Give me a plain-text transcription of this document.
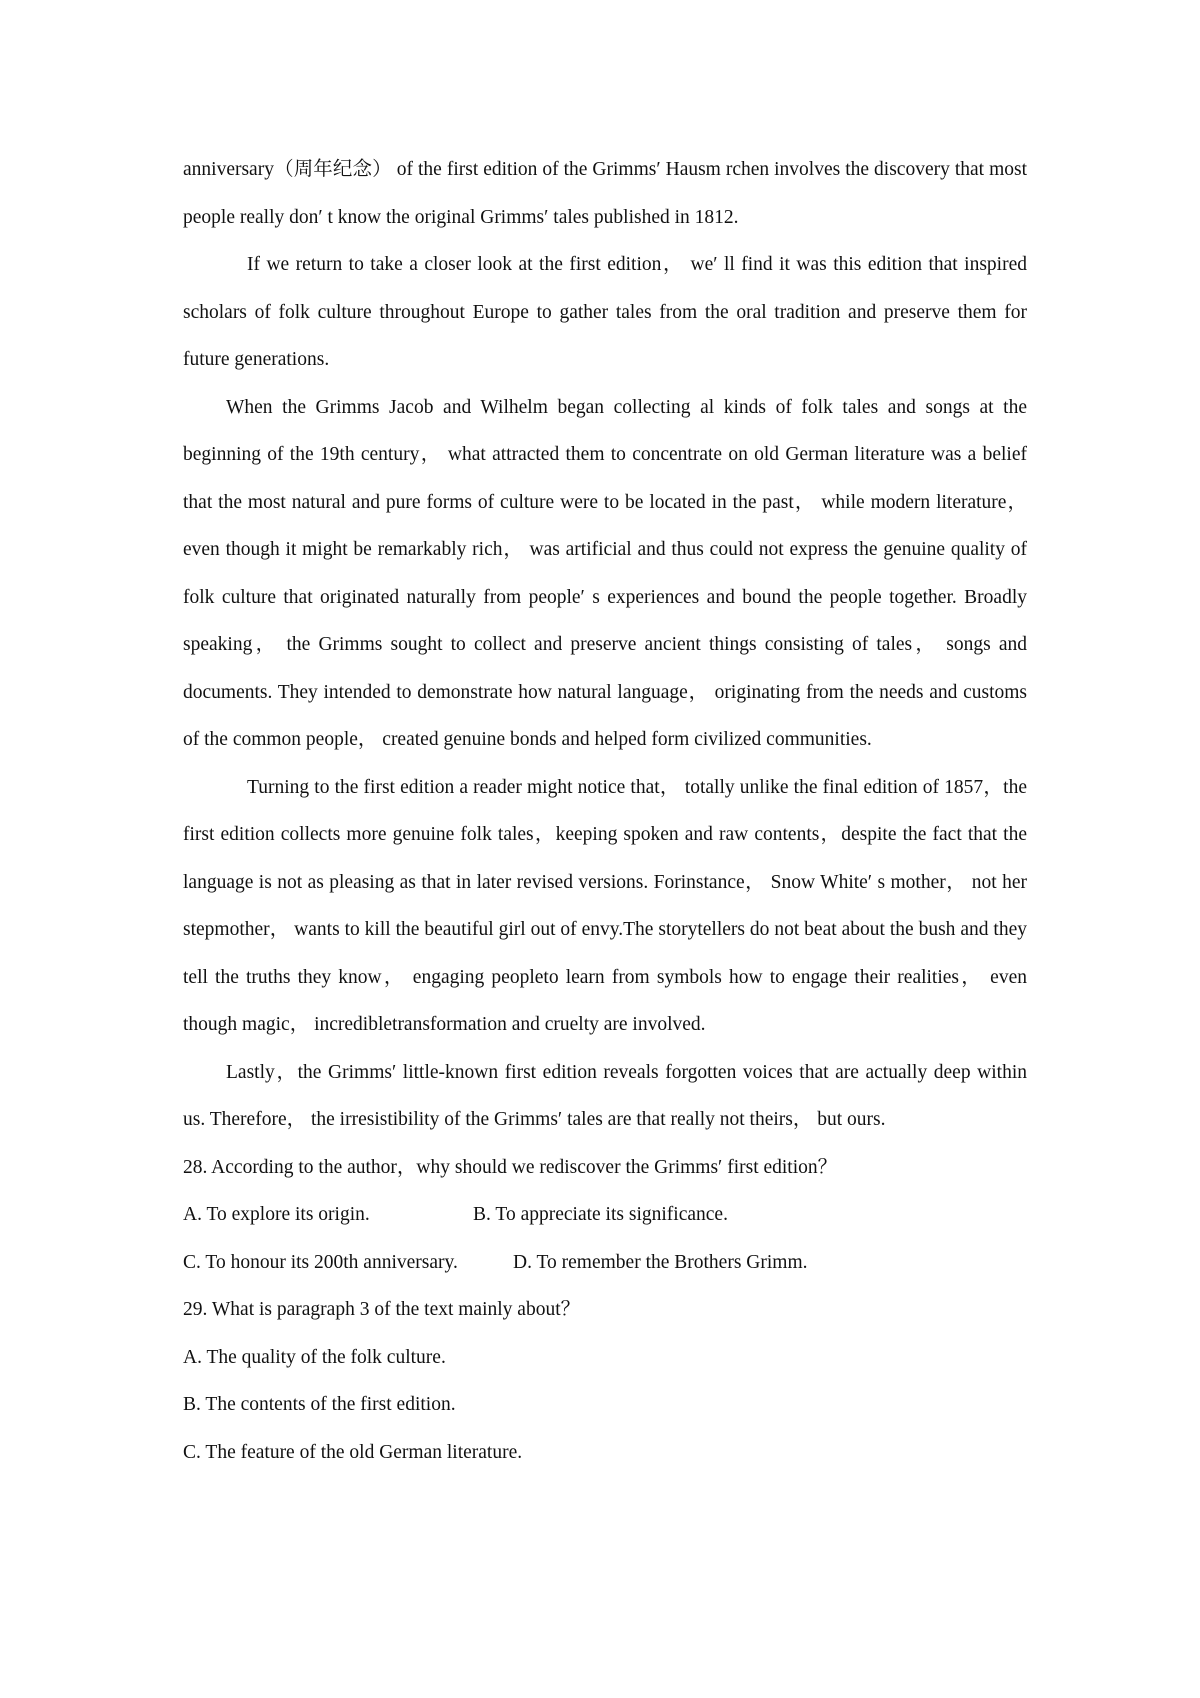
anniversary（周年纪念） of the first edition of the Grimms′ Hausm rchen involves the discovery that most people really don′ t know the original Grimms′ tales published in 1812.

If we return to take a closer look at the first edition， we′ ll find it was this edition that inspired scholars of folk culture throughout Europe to gather tales from the oral tradition and preserve them for future generations.

When the Grimms Jacob and Wilhelm began collecting al kinds of folk tales and songs at the beginning of the 19th century， what attracted them to concentrate on old German literature was a belief that the most natural and pure forms of culture were to be located in the past， while modern literature， even though it might be remarkably rich， was artificial and thus could not express the genuine quality of folk culture that originated naturally from people′ s experiences and bound the people together. Broadly speaking， the Grimms sought to collect and preserve ancient things consisting of tales， songs and documents. They intended to demonstrate how natural language， originating from the needs and customs of the common people， created genuine bonds and helped form civilized communities.

Turning to the first edition a reader might notice that， totally unlike the final edition of 1857，the first edition collects more genuine folk tales，keeping spoken and raw contents，despite the fact that the language is not as pleasing as that in later revised versions. Forinstance， Snow White′ s mother， not her stepmother， wants to kill the beautiful girl out of envy.The storytellers do not beat about the bush and they tell the truths they know， engaging peopleto learn from symbols how to engage their realities， even though magic， incredibletransformation and cruelty are involved.

Lastly，the Grimms′ little-known first edition reveals forgotten voices that are actually deep within us. Therefore， the irresistibility of the Grimms′ tales are that really not theirs， but ours.

28. According to the author，why should we rediscover the Grimms′ first edition？

A. To explore its origin.	B. To appreciate its significance.
C. To honour its 200th anniversary.	D. To remember the Brothers Grimm.

29. What is paragraph 3 of the text mainly about？

A. The quality of the folk culture.

B. The contents of the first edition.

C. The feature of the old German literature.
